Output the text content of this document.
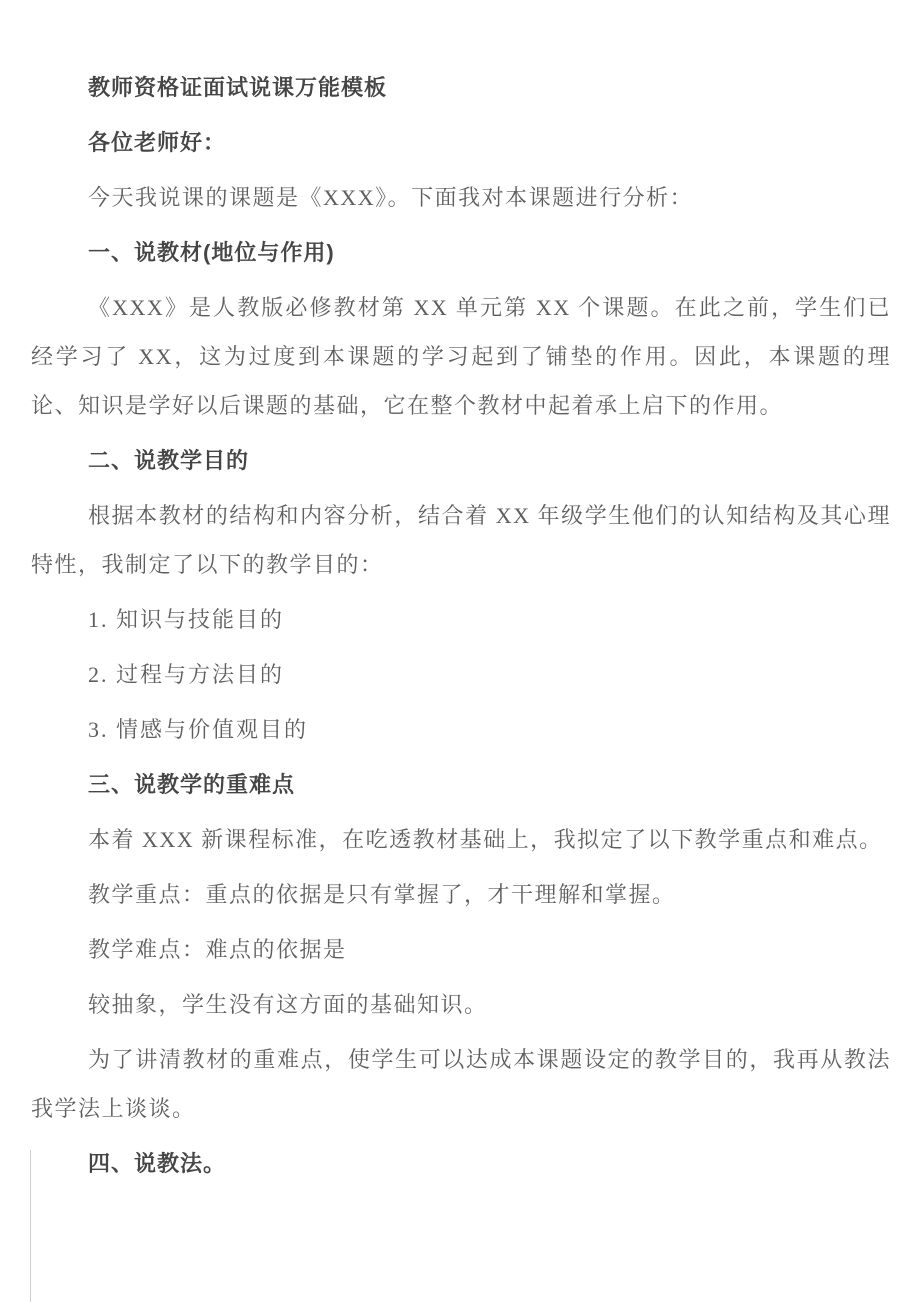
教师资格证面试说课万能模板

各位老师好：

今天我说课的课题是《XXX》。下面我对本课题进行分析：

一、说教材(地位与作用)

《XXX》是人教版必修教材第 XX 单元第 XX 个课题。在此之前，学生们已经学习了 XX，这为过度到本课题的学习起到了铺垫的作用。因此，本课题的理论、知识是学好以后课题的基础，它在整个教材中起着承上启下的作用。

二、说教学目的

根据本教材的结构和内容分析，结合着 XX 年级学生他们的认知结构及其心理特性，我制定了以下的教学目的：

1. 知识与技能目的

2. 过程与方法目的

3. 情感与价值观目的

三、说教学的重难点

本着 XXX 新课程标准，在吃透教材基础上，我拟定了以下教学重点和难点。

教学重点：重点的依据是只有掌握了，才干理解和掌握。

教学难点：难点的依据是

较抽象，学生没有这方面的基础知识。

为了讲清教材的重难点，使学生可以达成本课题设定的教学目的，我再从教法我学法上谈谈。

四、说教法。
